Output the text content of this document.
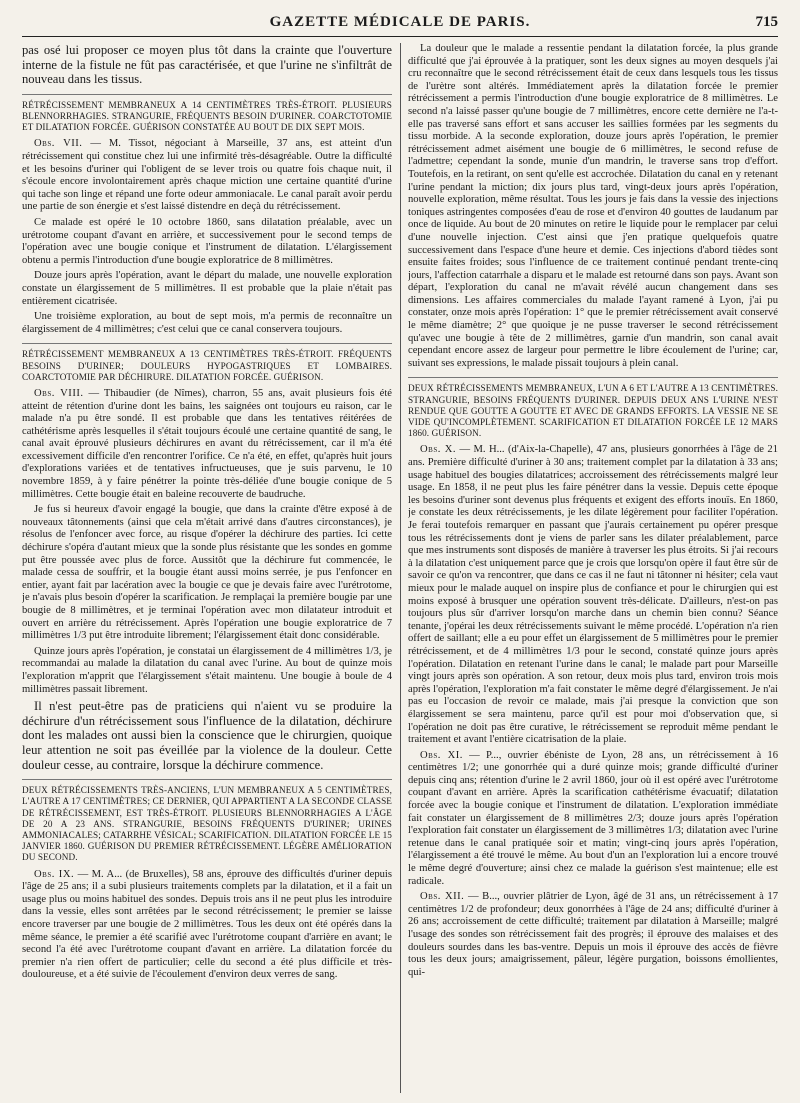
GAZETTE MÉDICALE DE PARIS.	715

pas osé lui proposer ce moyen plus tôt dans la crainte que l'ouverture interne de la fistule ne fût pas caractérisée, et que l'urine ne s'infiltrât de nouveau dans les tissus.

RÉTRÉCISSEMENT MEMBRANEUX A 14 CENTIMÈTRES TRÈS-ÉTROIT. PLUSIEURS BLENNORRHAGIES. STRANGURIE, FRÉQUENTS BESOIN D'URINER. COARCTOTOMIE ET DILATATION FORCÉE. GUÉRISON CONSTATÉE AU BOUT DE DIX SEPT MOIS.

Obs. VII. — M. Tissot, négociant à Marseille, 37 ans, est atteint d'un rétrécissement qui constitue chez lui une infirmité très-désagréable. Outre la difficulté et les besoins d'uriner qui l'obligent de se lever trois ou quatre fois chaque nuit, il s'écoule encore involontairement après chaque miction une certaine quantité d'urine qui tache son linge et répand une forte odeur ammoniacale. Le canal paraît avoir perdu une partie de son énergie et s'est laissé distendre en deçà du rétrécissement.

Ce malade est opéré le 10 octobre 1860, sans dilatation préalable, avec un urétrotome coupant d'avant en arrière, et successivement pour le second temps de l'opération avec une bougie conique et l'instrument de dilatation. L'élargissement obtenu a permis l'introduction d'une bougie exploratrice de 8 millimètres.

Douze jours après l'opération, avant le départ du malade, une nouvelle exploration constate un élargissement de 5 millimètres. Il est probable que la plaie n'était pas entièrement cicatrisée.

Une troisième exploration, au bout de sept mois, m'a permis de reconnaître un élargissement de 4 millimètres; c'est celui que ce canal conservera toujours.

RÉTRÉCISSEMENT MEMBRANEUX A 13 CENTIMÈTRES TRÈS-ÉTROIT. FRÉQUENTS BESOINS D'URINER; DOULEURS HYPOGASTRIQUES ET LOMBAIRES. COARCTOTOMIE PAR DÉCHIRURE. DILATATION FORCÉE. GUÉRISON.

Obs. VIII. — Thibaudier (de Nîmes), charron, 55 ans, avait plusieurs fois été atteint de rétention d'urine dont les bains, les saignées ont toujours eu raison, car le malade n'a pu être sondé. Il est probable que dans les tentatives réitérées de cathétérisme après lesquelles il s'était toujours écoulé une certaine quantité de sang, le canal avait éprouvé plusieurs déchirures en avant du rétrécissement, car il m'a été excessivement difficile d'en rencontrer l'orifice. Ce n'a été, en effet, qu'après huit jours d'explorations variées et de tentatives infructueuses, que je suis parvenu, le 10 novembre 1859, à y faire pénétrer la pointe très-déliée d'une bougie conique de 5 millimètres. Cette bougie était en baleine recouverte de baudruche.

Je fus si heureux d'avoir engagé la bougie, que dans la crainte d'être exposé à de nouveaux tâtonnements (ainsi que cela m'était arrivé dans d'autres circonstances), je résolus de l'enfoncer avec force, au risque d'opérer la déchirure des parties. Ici cette déchirure s'opéra d'autant mieux que la sonde plus résistante que les sondes en gomme put être poussée avec plus de force. Aussitôt que la déchirure fut commencée, le malade cessa de souffrir, et la bougie étant aussi moins serrée, je pus l'enfoncer en entier, ayant fait par lacération avec la bougie ce que je devais faire avec l'urétrotome, je n'avais plus besoin d'opérer la scarification. Je remplaçai la première bougie par une bougie de 8 millimètres, et je terminai l'opération avec mon dilatateur introduit et ouvert en arrière du rétrécissement. Après l'opération une bougie exploratrice de 7 millimètres 1/3 put être introduite librement; l'élargissement était donc considérable.

Quinze jours après l'opération, je constatai un élargissement de 4 millimètres 1/3, je recommandai au malade la dilatation du canal avec l'urine. Au bout de quinze mois l'exploration m'apprit que l'élargissement s'était maintenu. Une bougie à boule de 4 millimètres passait librement.

Il n'est peut-être pas de praticiens qui n'aient vu se produire la déchirure d'un rétrécissement sous l'influence de la dilatation, déchirure dont les malades ont aussi bien la conscience que le chirurgien, quoique leur attention ne soit pas éveillée par la violence de la douleur. Cette douleur cesse, au contraire, lorsque la déchirure commence.

DEUX RÉTRÉCISSEMENTS TRÈS-ANCIENS, L'UN MEMBRANEUX A 5 CENTIMÈTRES, L'AUTRE A 17 CENTIMÈTRES; CE DERNIER, QUI APPARTIENT A LA SECONDE CLASSE DE RÉTRÉCISSEMENT, EST TRÈS-ÉTROIT. PLUSIEURS BLENNORRHAGIES A L'ÂGE DE 20 A 23 ANS. STRANGURIE, BESOINS FRÉQUENTS D'URINER; URINES AMMONIACALES; CATARRHE VÉSICAL; SCARIFICATION. DILATATION FORCÉE LE 15 JANVIER 1860. GUÉRISON DU PREMIER RÉTRÉCISSEMENT. LÉGÈRE AMÉLIORATION DU SECOND.

Obs. IX. — M. A... (de Bruxelles), 58 ans, éprouve des difficultés d'uriner depuis l'âge de 25 ans; il a subi plusieurs traitements complets par la dilatation, et il a fait un usage plus ou moins habituel des sondes. Depuis trois ans il ne peut plus les introduire dans la vessie, elles sont arrêtées par le second rétrécissement; le premier se laisse encore traverser par une bougie de 2 millimètres. Tous les deux ont été opérés dans la même séance, le premier a été scarifié avec l'urétrotome coupant d'arrière en avant; le second l'a été avec l'urétrotome coupant d'avant en arrière. La dilatation forcée du premier n'a rien offert de particulier; celle du second a été plus difficile et très-douloureuse, et a été suivie de l'écoulement d'environ deux verres de sang.

La douleur que le malade a ressentie pendant la dilatation forcée, la plus grande difficulté que j'ai éprouvée à la pratiquer, sont les deux signes au moyen desquels j'ai cru reconnaître que le second rétrécissement était de ceux dans lesquels tous les tissus de l'urètre sont altérés. Immédiatement après la dilatation forcée le premier rétrécissement a permis l'introduction d'une bougie exploratrice de 8 millimètres. Le second n'a laissé passer qu'une bougie de 7 millimètres, encore cette dernière ne l'a-t-elle pas traversé sans effort et sans accuser les saillies formées par les segments du tissu morbide. A la seconde exploration, douze jours après l'opération, le premier rétrécissement admet aisément une bougie de 6 millimètres, le second refuse de l'admettre; cependant la sonde, munie d'un mandrin, le traverse sans trop d'effort. Toutefois, en la retirant, on sent qu'elle est accrochée. Dilatation du canal en y retenant l'urine pendant la miction; dix jours plus tard, vingt-deux jours après l'opération, nouvelle exploration, même résultat. Tous les jours je fais dans la vessie des injections toniques astringentes composées d'eau de rose et d'environ 40 gouttes de laudanum par once de liquide. Au bout de 20 minutes on retire le liquide pour le remplacer par celui d'une nouvelle injection. C'est ainsi que j'en pratique quelquefois quatre successivement dans l'espace d'une heure et demie. Ces injections d'abord tièdes sont ensuite faites froides; sous l'influence de ce traitement continué pendant trente-cinq jours, l'affection catarrhale a disparu et le malade est retourné dans son pays. Avant son départ, l'exploration du canal ne m'avait révélé aucun changement dans ses dimensions. Les affaires commerciales du malade l'ayant ramené à Lyon, j'ai pu constater, onze mois après l'opération: 1° que le premier rétrécissement avait conservé le même diamètre; 2° que quoique je ne pusse traverser le second rétrécissement qu'avec une bougie à tête de 2 millimètres, garnie d'un mandrin, son canal avait cependant encore assez de largeur pour permettre le libre écoulement de l'urine; car, suivant ses expressions, le malade pissait toujours à plein canal.

DEUX RÉTRÉCISSEMENTS MEMBRANEUX, L'UN A 6 ET L'AUTRE A 13 CENTIMÈTRES. STRANGURIE, BESOINS FRÉQUENTS D'URINER. DEPUIS DEUX ANS L'URINE N'EST RENDUE QUE GOUTTE A GOUTTE ET AVEC DE GRANDS EFFORTS. LA VESSIE NE SE VIDE QU'INCOMPLÈTEMENT. SCARIFICATION ET DILATATION FORCÉE LE 12 MARS 1860. GUÉRISON.

Obs. X. — M. H... (d'Aix-la-Chapelle), 47 ans, plusieurs gonorrhées à l'âge de 21 ans. Première difficulté d'uriner à 30 ans; traitement complet par la dilatation à 33 ans; usage habituel des bougies dilatatrices; accroissement des rétrécissements malgré leur usage. En 1858, il ne peut plus les faire pénétrer dans la vessie. Depuis cette époque les besoins d'uriner sont devenus plus fréquents et exigent des efforts inouïs. En 1860, je constate les deux rétrécissements, je les dilate légèrement pour faciliter l'opération. Je ferai toutefois remarquer en passant que j'aurais certainement pu opérer presque tous les rétrécissements dont je viens de parler sans les dilater préalablement, parce que mes instruments sont disposés de manière à traverser les plus étroits. Si j'ai recours à la dilatation c'est uniquement parce que je crois que lorsqu'on opère il faut être sûr de savoir ce qu'on va rencontrer, que dans ce cas il ne faut ni tâtonner ni hésiter; cela vaut mieux pour le malade auquel on inspire plus de confiance et pour le chirurgien qui est moins exposé à brusquer une opération souvent très-délicate. D'ailleurs, n'est-on pas toujours plus sûr d'arriver lorsqu'on marche dans un chemin bien connu? Séance tenante, j'opérai les deux rétrécissements suivant le même procédé. L'opération n'a rien offert de saillant; elle a eu pour effet un élargissement de 5 millimètres pour le premier rétrécissement, et de 4 millimètres 1/3 pour le second, constaté quinze jours après l'opération. Dilatation en retenant l'urine dans le canal; le malade part pour Marseille vingt jours après son opération. A son retour, deux mois plus tard, environ trois mois après l'opération, l'exploration m'a fait constater le même degré d'élargissement. Je n'ai pas eu l'occasion de revoir ce malade, mais j'ai presque la conviction que son élargissement se sera maintenu, parce qu'il est pour moi d'observation que, si l'opération ne doit pas être curative, le rétrécissement se reproduit même pendant le traitement et avant l'entière cicatrisation de la plaie.

Obs. XI. — P..., ouvrier ébéniste de Lyon, 28 ans, un rétrécissement à 16 centimètres 1/2; une gonorrhée qui a duré quinze mois; grande difficulté d'uriner depuis cinq ans; rétention d'urine le 2 avril 1860, jour où il est opéré avec l'urétrotome coupant d'avant en arrière. Après la scarification cathétérisme évacuatif; dilatation forcée avec la bougie conique et l'instrument de dilatation. L'exploration immédiate fait constater un élargissement de 8 millimètres 2/3; douze jours après l'opération l'exploration fait constater un élargissement de 3 millimètres 1/3; dilatation avec l'urine retenue dans le canal pratiquée soir et matin; vingt-cinq jours après l'opération, l'élargissement a été trouvé le même. Au bout d'un an l'exploration lui a encore trouvé le même degré d'ouverture; ainsi chez ce malade la guérison s'est maintenue; elle est radicale.

Obs. XII. — B..., ouvrier plâtrier de Lyon, âgé de 31 ans, un rétrécissement à 17 centimètres 1/2 de profondeur; deux gonorrhées à l'âge de 24 ans; difficulté d'uriner à 26 ans; accroissement de cette difficulté; traitement par dilatation à Marseille; malgré l'usage des sondes son rétrécissement fait des progrès; il éprouve des malaises et des douleurs sourdes dans les bas-ventre. Depuis un mois il éprouve des accès de fièvre tous les deux jours; amaigrissement, pâleur, légère purgation, boissons émollientes, qui-
